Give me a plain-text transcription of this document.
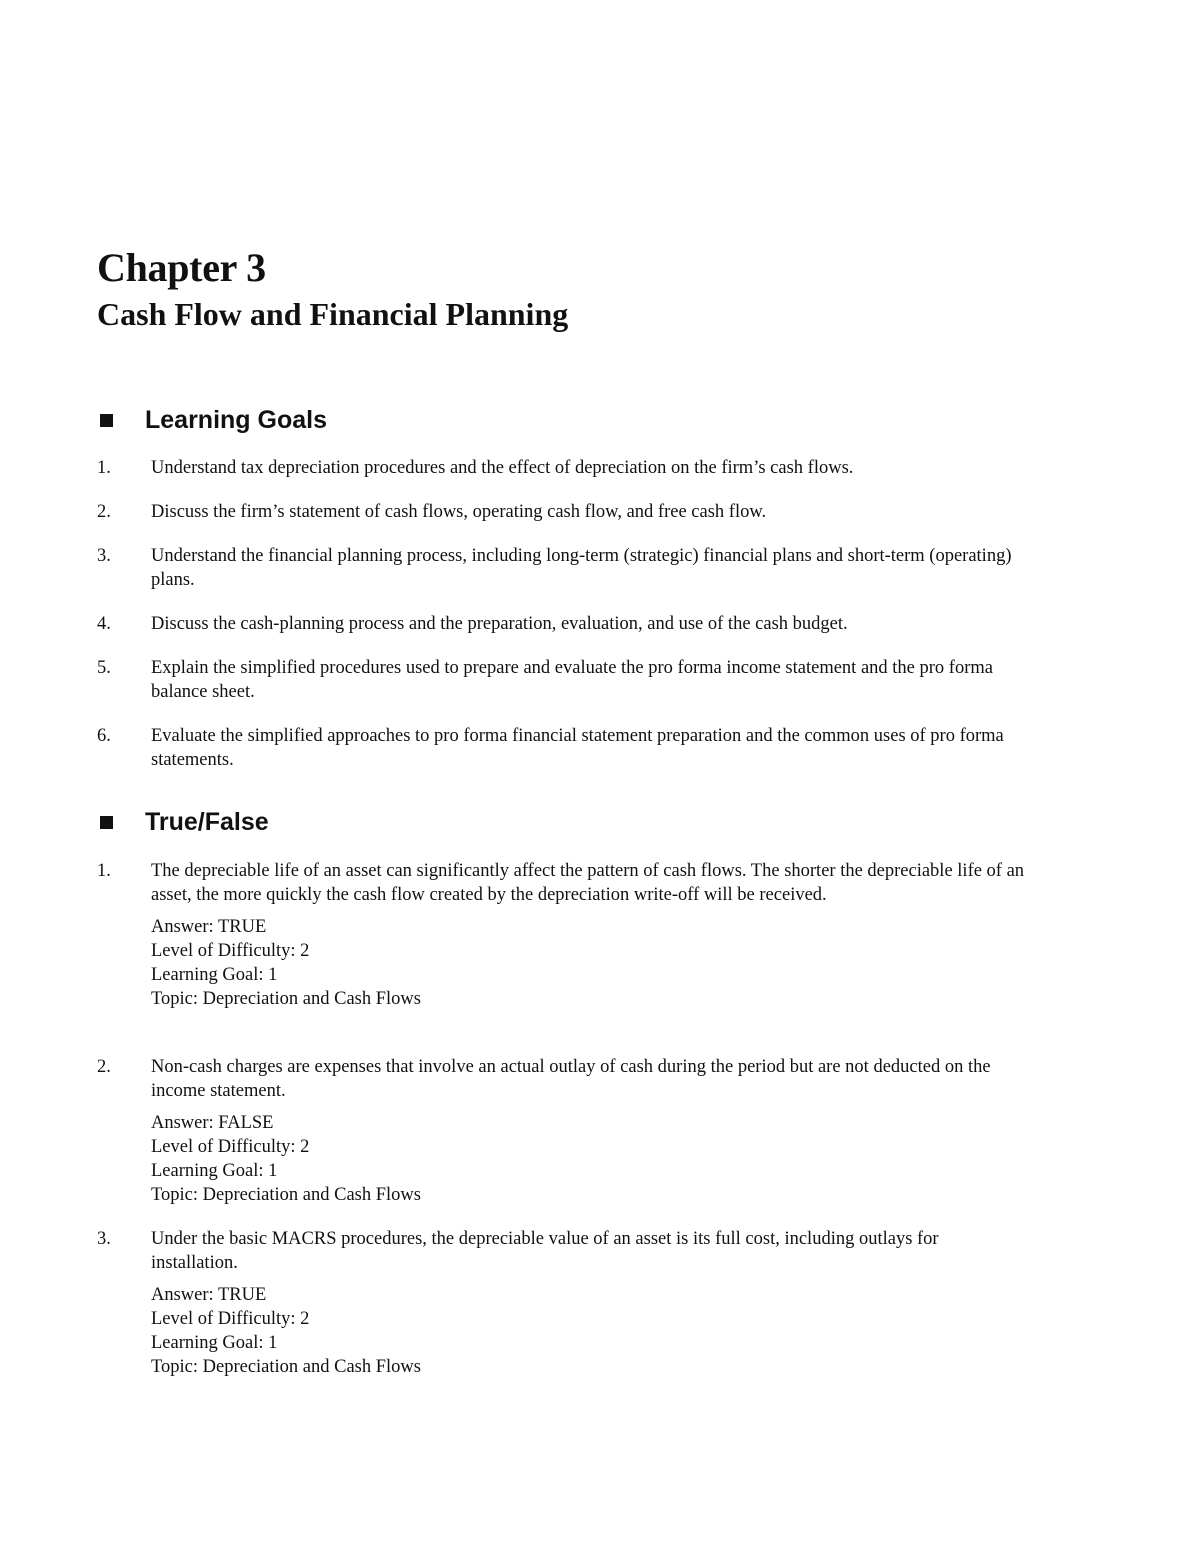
Chapter 3
Cash Flow and Financial Planning
Learning Goals
1.	Understand tax depreciation procedures and the effect of depreciation on the firm’s cash flows.

2.	Discuss the firm’s statement of cash flows, operating cash flow, and free cash flow.

3.	Understand the financial planning process, including long-term (strategic) financial plans and short-term (operating) plans.

4.	Discuss the cash-planning process and the preparation, evaluation, and use of the cash budget.

5.	Explain the simplified procedures used to prepare and evaluate the pro forma income statement and the pro forma balance sheet.

6.	Evaluate the simplified approaches to pro forma financial statement preparation and the common uses of pro forma statements.

True/False
1.	The depreciable life of an asset can significantly affect the pattern of cash flows. The shorter the depreciable life of an asset, the more quickly the cash flow created by the depreciation write-off will be received.

Answer: TRUE
Level of Difficulty: 2
Learning Goal: 1
Topic: Depreciation and Cash Flows
2.	Non-cash charges are expenses that involve an actual outlay of cash during the period but are not deducted on the income statement.

Answer: FALSE
Level of Difficulty: 2
Learning Goal: 1
Topic: Depreciation and Cash Flows
3.	Under the basic MACRS procedures, the depreciable value of an asset is its full cost, including outlays for installation.

Answer: TRUE
Level of Difficulty: 2
Learning Goal: 1
Topic: Depreciation and Cash Flows
